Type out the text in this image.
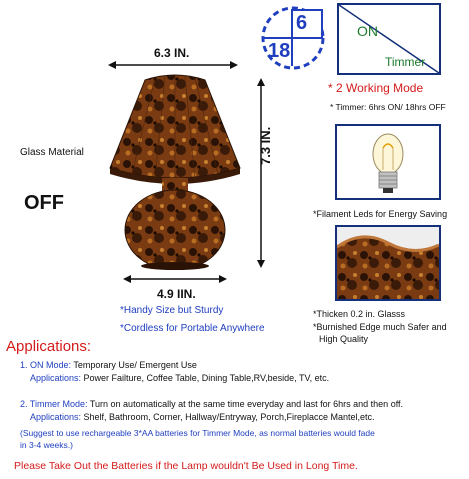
6
18
ON
Timmer
6.3 IN.
7.3 IN.
4.9 IIN.
Glass Material
OFF
*Handy Size but Sturdy
*Cordless for Portable Anywhere
* 2 Working Mode
* Timmer: 6hrs ON/ 18hrs OFF
*Filament Leds for Energy Saving
*Thicken 0.2 in. Glasss
*Burnished Edge much Safer and
High Quality
Applications:
1. ON Mode: Temporary Use/ Emergent Use
Applications: Power Failture, Coffee Table, Dining Table,RV,beside, TV, etc.
2. Timmer Mode: Turn on automatically at the same time everyday and last for 6hrs and then off.
Applications: Shelf, Bathroom, Corner, Hallway/Entryway, Porch,Fireplacce Mantel,etc.
(Suggest to use rechargeable 3*AA batteries for Timmer Mode, as normal batteries would fade
in 3-4 weeks.)
Please Take Out the Batteries if the Lamp wouldn't Be Used in Long Time.
